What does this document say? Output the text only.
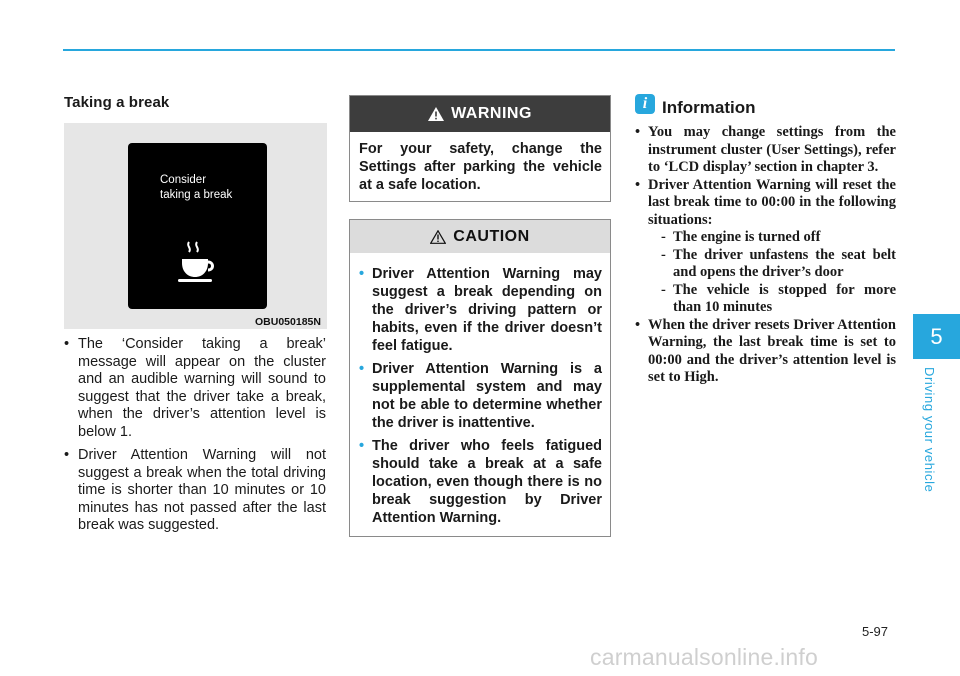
Taking a break
Consider
taking a break
OBU050185N
• The ‘Consider taking a break’ message will appear on the cluster and an audible warning will sound to suggest that the driver take a break, when the driver’s attention level is below 1.
• Driver Attention Warning will not suggest a break when the total driving time is shorter than 10 minutes or 10 minutes has not passed after the last break was suggested.
WARNING
For your safety, change the Settings after parking the vehicle at a safe location.
CAUTION
• Driver Attention Warning may suggest a break depending on the driver’s driving pattern or habits, even if the driver doesn’t feel fatigue.
• Driver Attention Warning is a supplemental system and may not be able to determine whether the driver is inattentive.
• The driver who feels fatigued should take a break at a safe location, even though there is no break suggestion by Driver Attention Warning.
i Information
• You may change settings from the instrument cluster (User Settings), refer to ‘LCD display’ section in chapter 3.
• Driver Attention Warning will reset the last break time to 00:00 in the following situations:
- The engine is turned off
- The driver unfastens the seat belt and opens the driver’s door
- The vehicle is stopped for more than 10 minutes
• When the driver resets Driver Attention Warning, the last break time is set to 00:00 and the driver’s attention level is set to High.
5
Driving your vehicle
5-97
carmanualsonline.info
